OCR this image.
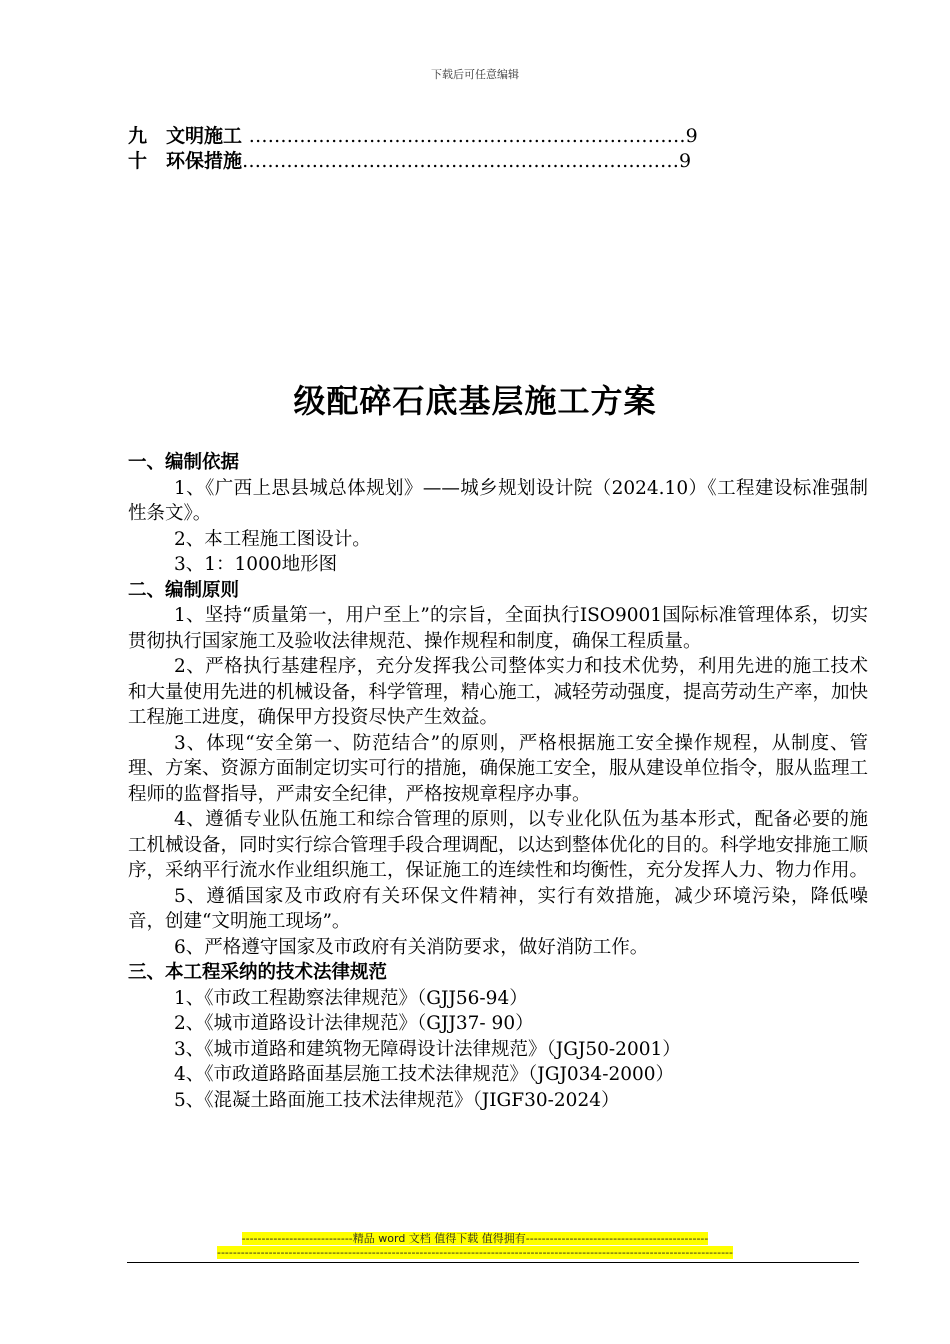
下载后可任意编辑
九　文明施工 ……………………………………………………………9
十　环保措施……………………………………………………………9
级配碎石底基层施工方案

一、编制依据

1、《广西上思县城总体规划》——城乡规划设计院（2024.10）《工程建设标准强制性条文》。

2、本工程施工图设计。

3、1：1000地形图

二、编制原则

1、坚持“质量第一，用户至上”的宗旨，全面执行ISO9001国际标准管理体系，切实贯彻执行国家施工及验收法律规范、操作规程和制度，确保工程质量。

2、严格执行基建程序，充分发挥我公司整体实力和技术优势，利用先进的施工技术和大量使用先进的机械设备，科学管理，精心施工，减轻劳动强度，提高劳动生产率，加快工程施工进度，确保甲方投资尽快产生效益。

3、体现“安全第一、防范结合”的原则，严格根据施工安全操作规程，从制度、管理、方案、资源方面制定切实可行的措施，确保施工安全，服从建设单位指令，服从监理工程师的监督指导，严肃安全纪律，严格按规章程序办事。

4、遵循专业队伍施工和综合管理的原则，以专业化队伍为基本形式，配备必要的施工机械设备，同时实行综合管理手段合理调配，以达到整体优化的目的。科学地安排施工顺序，采纳平行流水作业组织施工，保证施工的连续性和均衡性，充分发挥人力、物力作用。

5、遵循国家及市政府有关环保文件精神，实行有效措施，减少环境污染，降低噪音，创建“文明施工现场”。

6、严格遵守国家及市政府有关消防要求，做好消防工作。

三、本工程采纳的技术法律规范

1、《市政工程勘察法律规范》（GJJ56-94）

2、《城市道路设计法律规范》（GJJ37- 90）

3、《城市道路和建筑物无障碍设计法律规范》（JGJ50-2001）

4、《市政道路路面基层施工技术法律规范》（JGJ034-2000）

5、《混凝土路面施工技术法律规范》（JIGF30-2024）

----------------------------精品 word 文档 值得下载 值得拥有----------------------------------------------
----------------------------------------------------------------------------------------------------------------------------------
